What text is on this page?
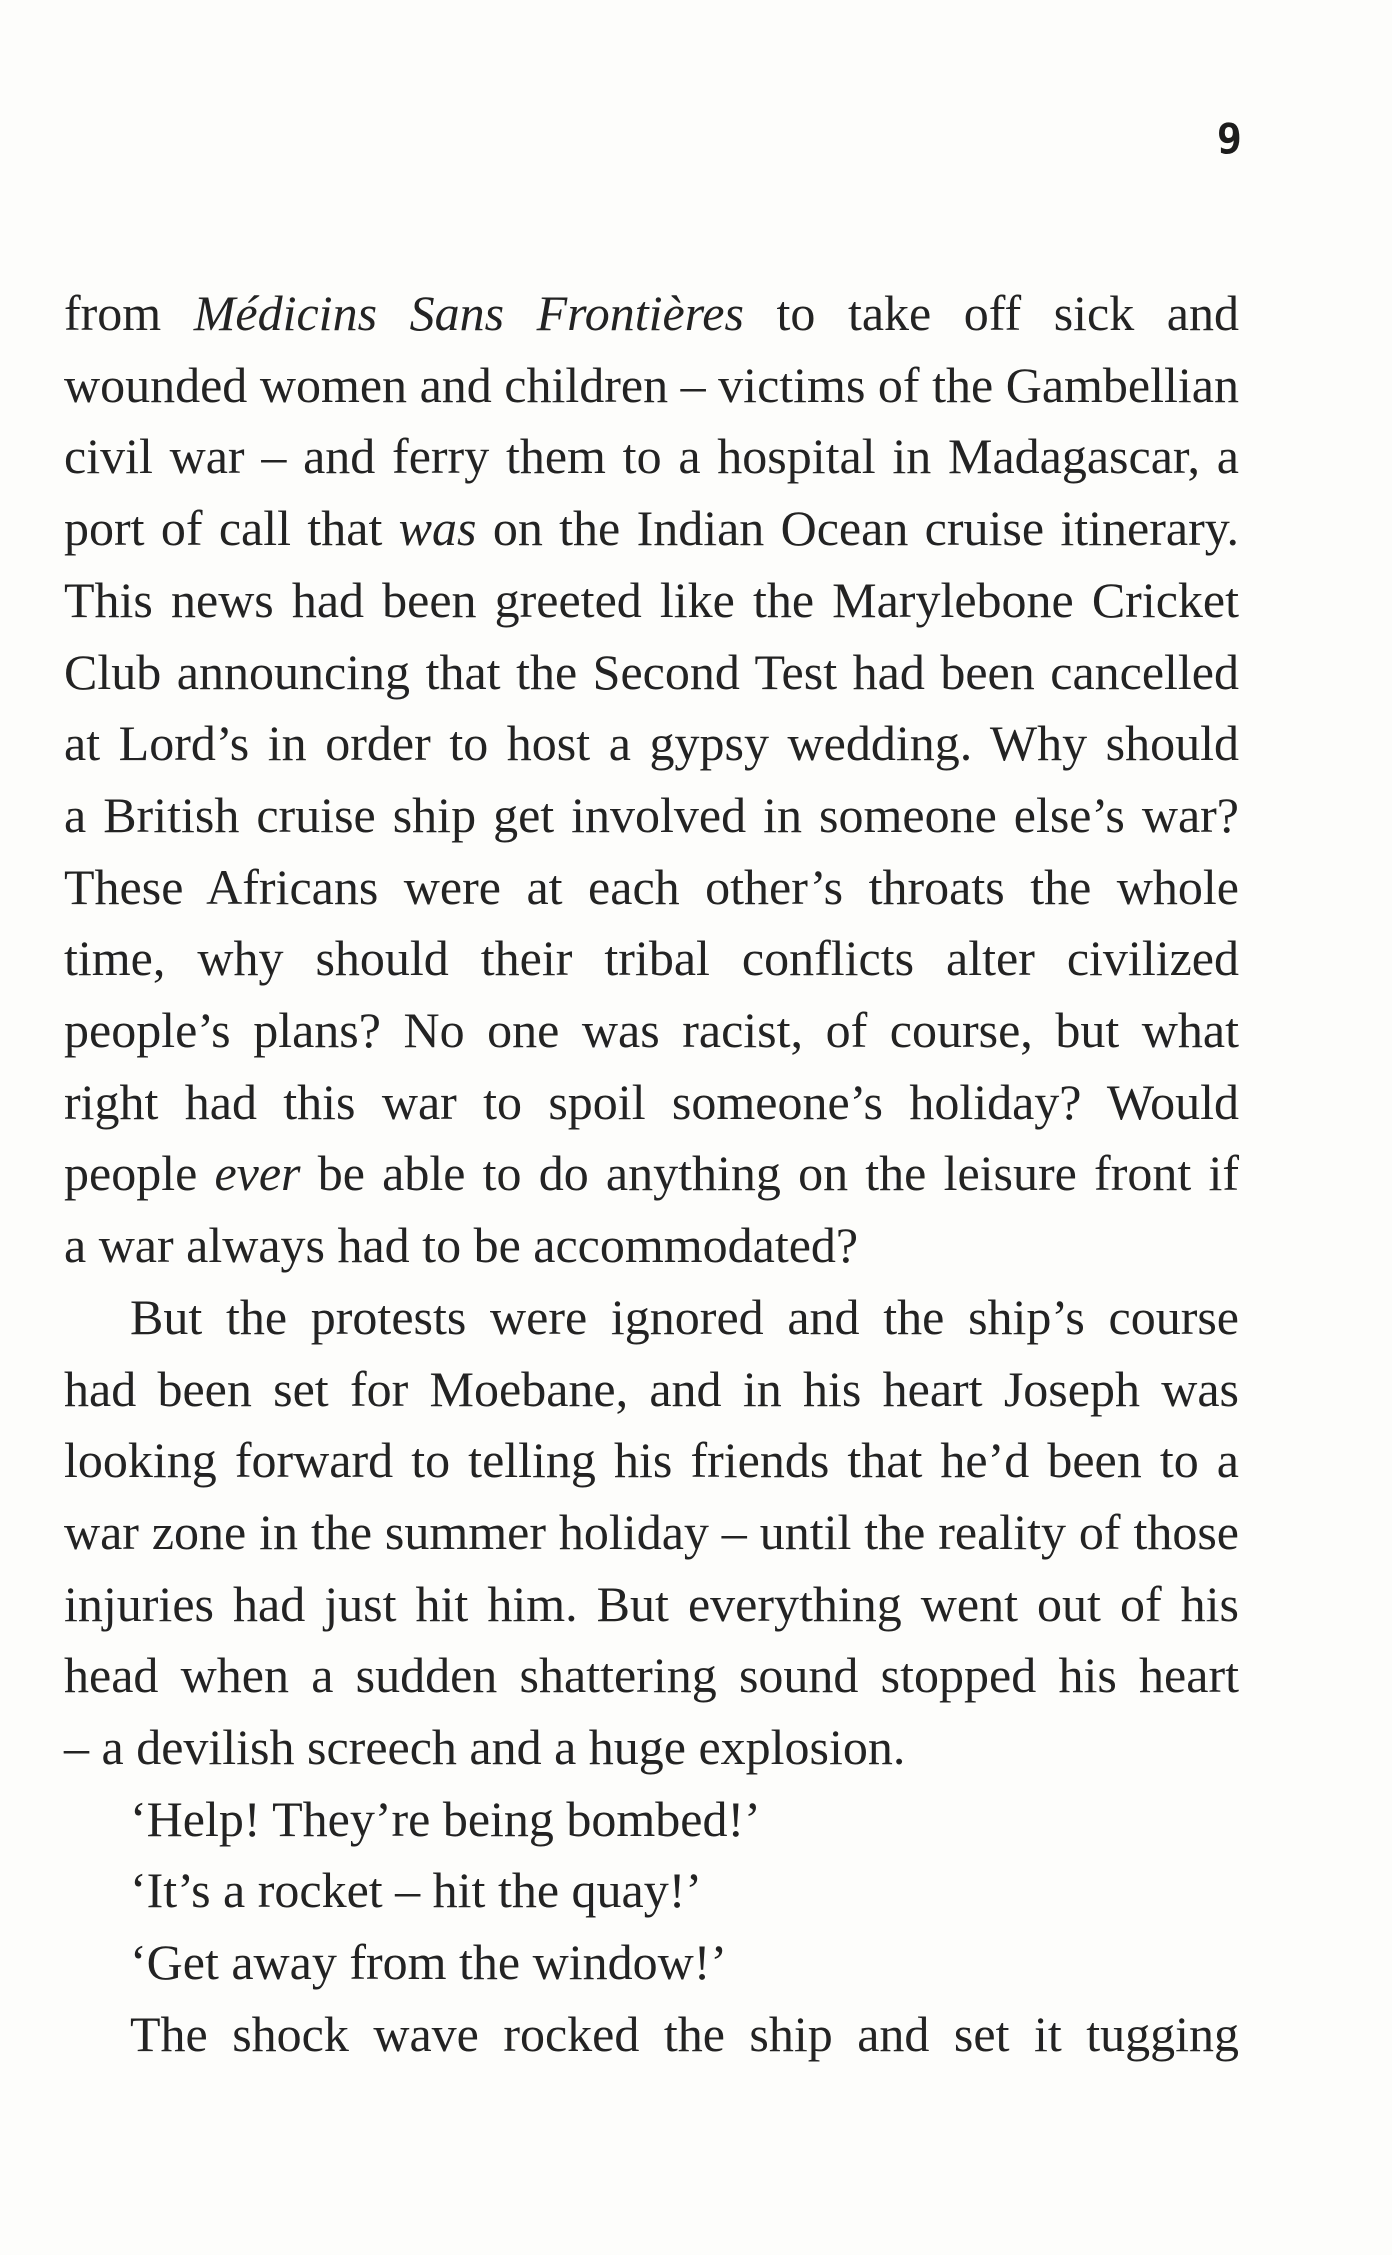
9
from Médicins Sans Frontières to take off sick and
wounded women and children – victims of the Gambellian
civil war – and ferry them to a hospital in Madagascar, a
port of call that was on the Indian Ocean cruise itinerary.
This news had been greeted like the Marylebone Cricket
Club announcing that the Second Test had been cancelled
at Lord’s in order to host a gypsy wedding. Why should
a British cruise ship get involved in someone else’s war?
These Africans were at each other’s throats the whole
time, why should their tribal conflicts alter civilized
people’s plans? No one was racist, of course, but what
right had this war to spoil someone’s holiday? Would
people ever be able to do anything on the leisure front if
a war always had to be accommodated?
But the protests were ignored and the ship’s course
had been set for Moebane, and in his heart Joseph was
looking forward to telling his friends that he’d been to a
war zone in the summer holiday – until the reality of those
injuries had just hit him. But everything went out of his
head when a sudden shattering sound stopped his heart
– a devilish screech and a huge explosion.
‘Help! They’re being bombed!’
‘It’s a rocket – hit the quay!’
‘Get away from the window!’
The shock wave rocked the ship and set it tugging
